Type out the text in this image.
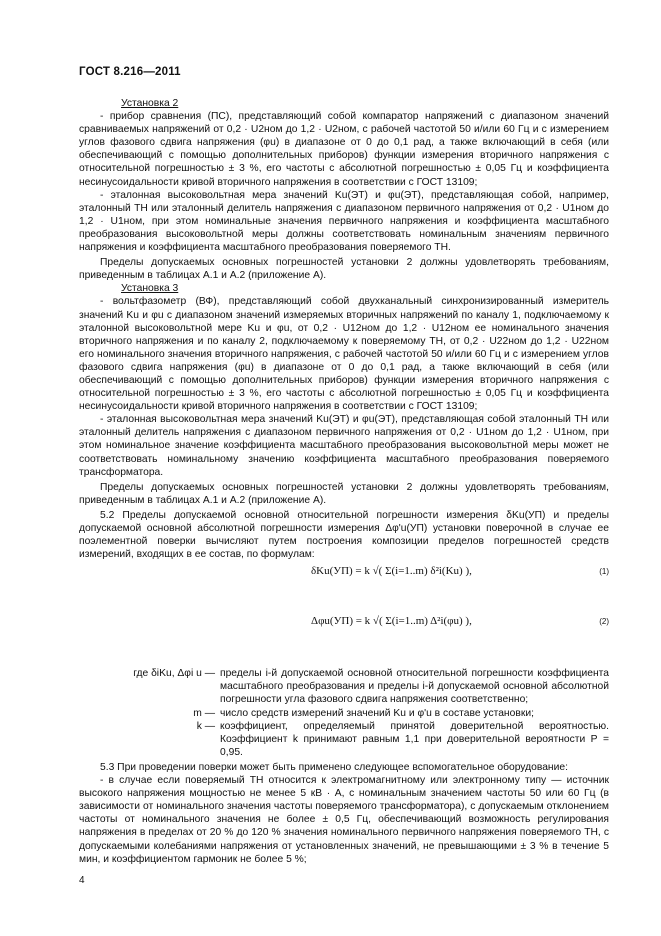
ГОСТ 8.216—2011

Установка 2

- прибор сравнения (ПС), представляющий собой компаратор напряжений с диапазоном значений сравниваемых напряжений от 0,2 · U2ном до 1,2 · U2ном, с рабочей частотой 50 и/или 60 Гц и с измерением углов фазового сдвига напряжения (φu) в диапазоне от 0 до 0,1 рад, а также включающий в себя (или обеспечивающий с помощью дополнительных приборов) функции измерения вторичного напряжения с относительной погрешностью ± 3 %, его частоты с абсолютной погрешностью ± 0,05 Гц и коэффициента несинусоидальности кривой вторичного напряжения в соответствии с ГОСТ 13109;

- эталонная высоковольтная мера значений Ku(ЭТ) и φu(ЭТ), представляющая собой, например, эталонный ТН или эталонный делитель напряжения с диапазоном первичного напряжения от 0,2 · U1ном до 1,2 · U1ном, при этом номинальные значения первичного напряжения и коэффициента масштабного преобразования высоковольтной меры должны соответствовать номинальным значениям первичного напряжения и коэффициента масштабного преобразования поверяемого ТН.

Пределы допускаемых основных погрешностей установки 2 должны удовлетворять требованиям, приведенным в таблицах А.1 и А.2 (приложение А).

Установка 3

- вольтфазометр (ВФ), представляющий собой двухканальный синхронизированный измеритель значений Ku и φu с диапазоном значений измеряемых вторичных напряжений по каналу 1, подключаемому к эталонной высоковольтной мере Ku и φu, от 0,2 · U12ном до 1,2 · U12ном ее номинального значения вторичного напряжения и по каналу 2, подключаемому к поверяемому ТН, от 0,2 · U22ном до 1,2 · U22ном его номинального значения вторичного напряжения, с рабочей частотой 50 и/или 60 Гц и с измерением углов фазового сдвига напряжения (φu) в диапазоне от 0 до 0,1 рад, а также включающий в себя (или обеспечивающий с помощью дополнительных приборов) функции измерения вторичного напряжения с относительной погрешностью ± 3 %, его частоты с абсолютной погрешностью ± 0,05 Гц и коэффициента несинусоидальности кривой вторичного напряжения в соответствии с ГОСТ 13109;

- эталонная высоковольтная мера значений Ku(ЭТ) и φu(ЭТ), представляющая собой эталонный ТН или эталонный делитель напряжения с диапазоном первичного напряжения от 0,2 · U1ном до 1,2 · U1ном, при этом номинальное значение коэффициента масштабного преобразования высоковольтной меры может не соответствовать номинальному значению коэффициента масштабного преобразования поверяемого трансформатора.

Пределы допускаемых основных погрешностей установки 2 должны удовлетворять требованиям, приведенным в таблицах А.1 и А.2 (приложение А).

5.2 Пределы допускаемой основной относительной погрешности измерения δKu(УП) и пределы допускаемой основной абсолютной погрешности измерения Δφ'u(УП) установки поверочной в случае ее поэлементной поверки вычисляют путем построения композиции пределов погрешностей средств измерений, входящих в ее состав, по формулам:

δKu(УП) = k √( Σ(i=1..m) δ²i(Ku) ),	(1)
Δφu(УП) = k √( Σ(i=1..m) Δ²i(φu) ),	(2)
где δiKu, Δφi u — пределы i-й допускаемой основной относительной погрешности коэффициента масштабного преобразования и пределы i-й допускаемой основной абсолютной погрешности угла фазового сдвига напряжения соответственно;
m — число средств измерений значений Ku и φ'u в составе установки;
k — коэффициент, определяемый принятой доверительной вероятностью. Коэффициент k принимают равным 1,1 при доверительной вероятности Р = 0,95.

5.3 При проведении поверки может быть применено следующее вспомогательное оборудование:

- в случае если поверяемый ТН относится к электромагнитному или электронному типу — источник высокого напряжения мощностью не менее 5 кВ · А, с номинальным значением частоты 50 или 60 Гц (в зависимости от номинального значения частоты поверяемого трансформатора), с допускаемым отклонением частоты от номинального значения не более ± 0,5 Гц, обеспечивающий возможность регулирования напряжения в пределах от 20 % до 120 % значения номинального первичного напряжения поверяемого ТН, с допускаемыми колебаниями напряжения от установленных значений, не превышающими ± 3 % в течение 5 мин, и коэффициентом гармоник не более 5 %;

4
